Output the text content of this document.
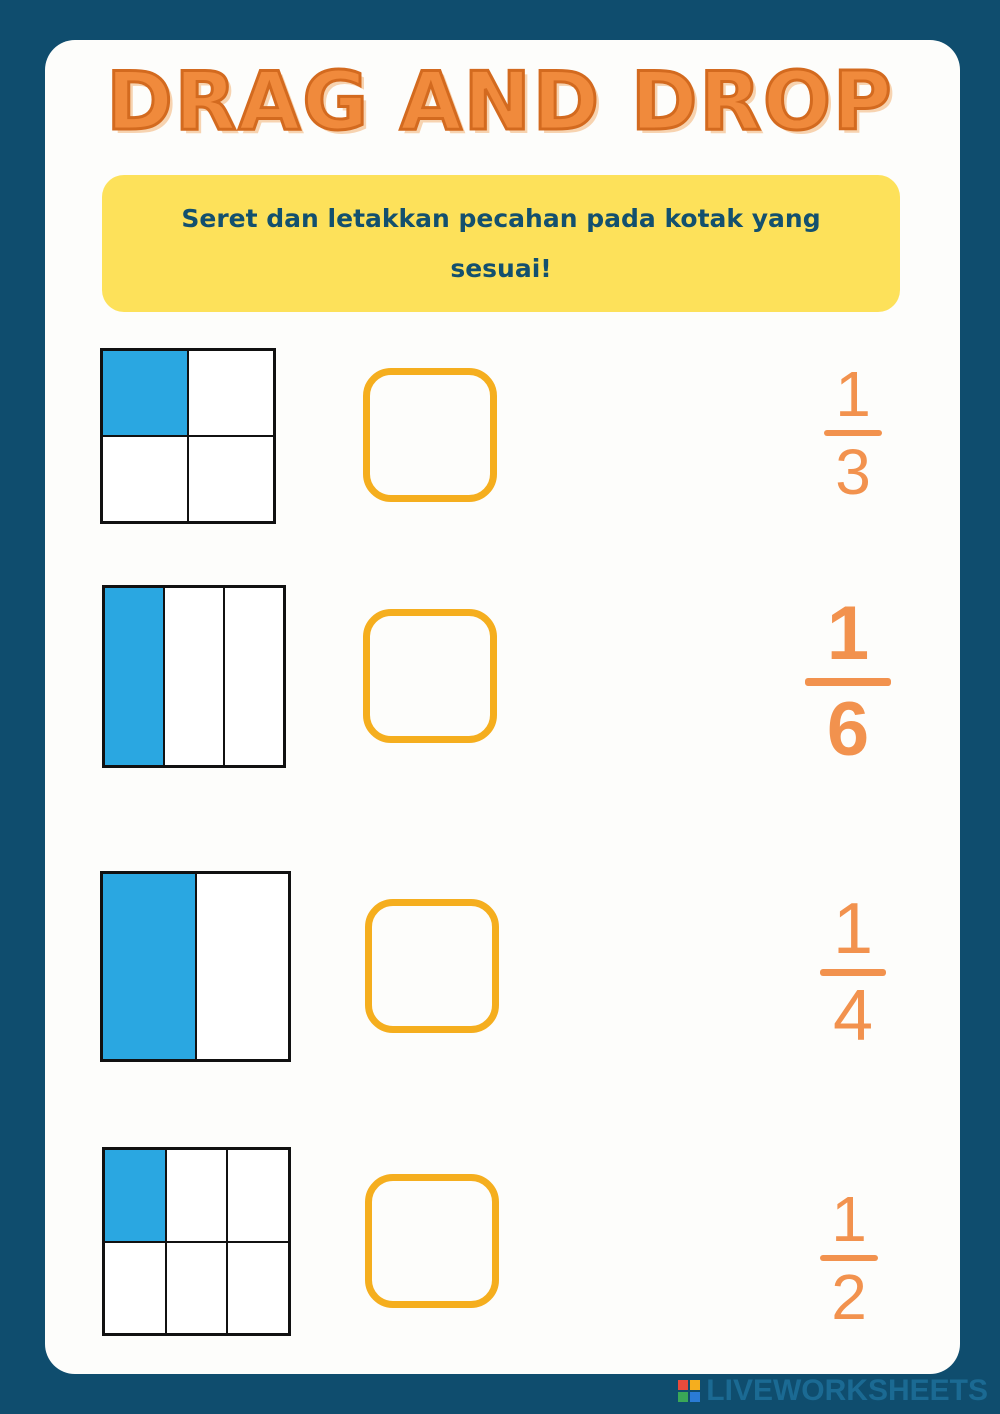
DRAG AND DROP
Seret dan letakkan pecahan pada kotak yang sesuai!
1
3
1
6
1
4
1
2
LIVEWORKSHEETS
